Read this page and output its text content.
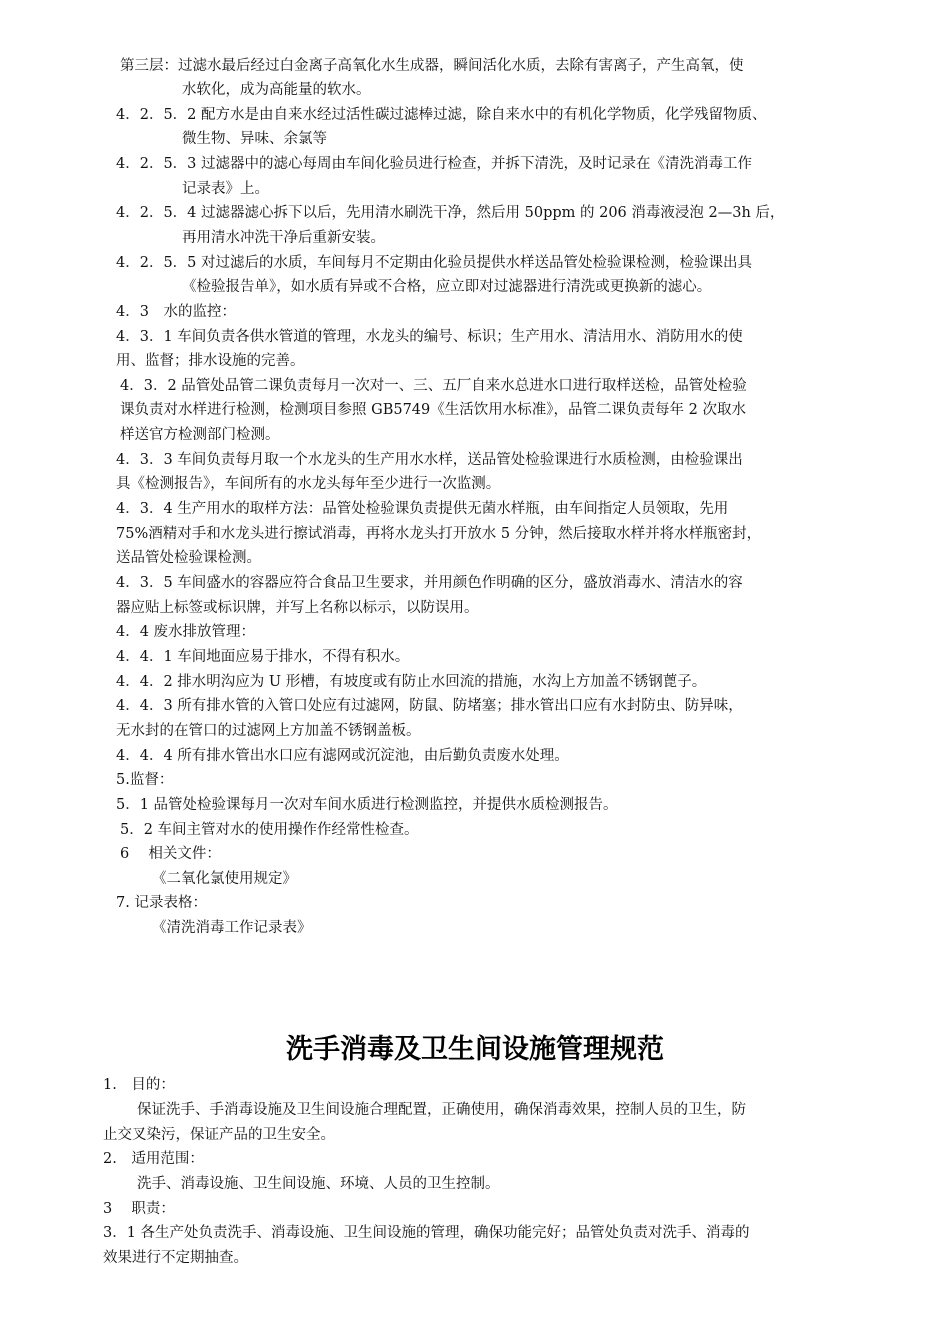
第三层：过滤水最后经过白金离子高氧化水生成器，瞬间活化水质，去除有害离子，产生高氧，使
水软化，成为高能量的软水。
4．2．5．2 配方水是由自来水经过活性碳过滤棒过滤，除自来水中的有机化学物质，化学残留物质、
微生物、异味、余氯等
4．2．5．3 过滤器中的滤心每周由车间化验员进行检查，并拆下清洗，及时记录在《清洗消毒工作
记录表》上。
4．2．5．4 过滤器滤心拆下以后，先用清水刷洗干净，然后用 50ppm 的 206 消毒液浸泡 2—3h 后，
再用清水冲洗干净后重新安装。
4．2．5．5 对过滤后的水质，车间每月不定期由化验员提供水样送品管处检验课检测，检验课出具
《检验报告单》，如水质有异或不合格，应立即对过滤器进行清洗或更换新的滤心。
4．3　水的监控：
4．3．1 车间负责各供水管道的管理，水龙头的编号、标识；生产用水、清洁用水、消防用水的使
用、监督；排水设施的完善。
4．3．2 品管处品管二课负责每月一次对一、三、五厂自来水总进水口进行取样送检，品管处检验
课负责对水样进行检测，检测项目参照 GB5749《生活饮用水标准》，品管二课负责每年 2 次取水
样送官方检测部门检测。
4．3．3 车间负责每月取一个水龙头的生产用水水样，送品管处检验课进行水质检测，由检验课出
具《检测报告》，车间所有的水龙头每年至少进行一次监测。
4．3．4 生产用水的取样方法：品管处检验课负责提供无菌水样瓶，由车间指定人员领取，先用
75%酒精对手和水龙头进行擦试消毒，再将水龙头打开放水 5 分钟，然后接取水样并将水样瓶密封，
送品管处检验课检测。
4．3．5 车间盛水的容器应符合食品卫生要求，并用颜色作明确的区分，盛放消毒水、清洁水的容
器应贴上标签或标识牌，并写上名称以标示，以防误用。
4．4 废水排放管理：
4．4．1 车间地面应易于排水，不得有积水。
4．4．2 排水明沟应为 U 形槽，有坡度或有防止水回流的措施，水沟上方加盖不锈钢蓖子。
4．4．3 所有排水管的入管口处应有过滤网，防鼠、防堵塞；排水管出口应有水封防虫、防异味，
无水封的在管口的过滤网上方加盖不锈钢盖板。
4．4．4 所有排水管出水口应有滤网或沉淀池，由后勤负责废水处理。
5.监督：
5．1 品管处检验课每月一次对车间水质进行检测监控，并提供水质检测报告。
5．2 车间主管对水的使用操作作经常性检查。
6　 相关文件：
《二氧化氯使用规定》
7. 记录表格：
《清洗消毒工作记录表》
洗手消毒及卫生间设施管理规范
1.　目的：
保证洗手、手消毒设施及卫生间设施合理配置，正确使用，确保消毒效果，控制人员的卫生，防
止交叉染污，保证产品的卫生安全。
2.　适用范围：
洗手、消毒设施、卫生间设施、环境、人员的卫生控制。
3　 职责：
3．1 各生产处负责洗手、消毒设施、卫生间设施的管理，确保功能完好；品管处负责对洗手、消毒的
效果进行不定期抽查。
